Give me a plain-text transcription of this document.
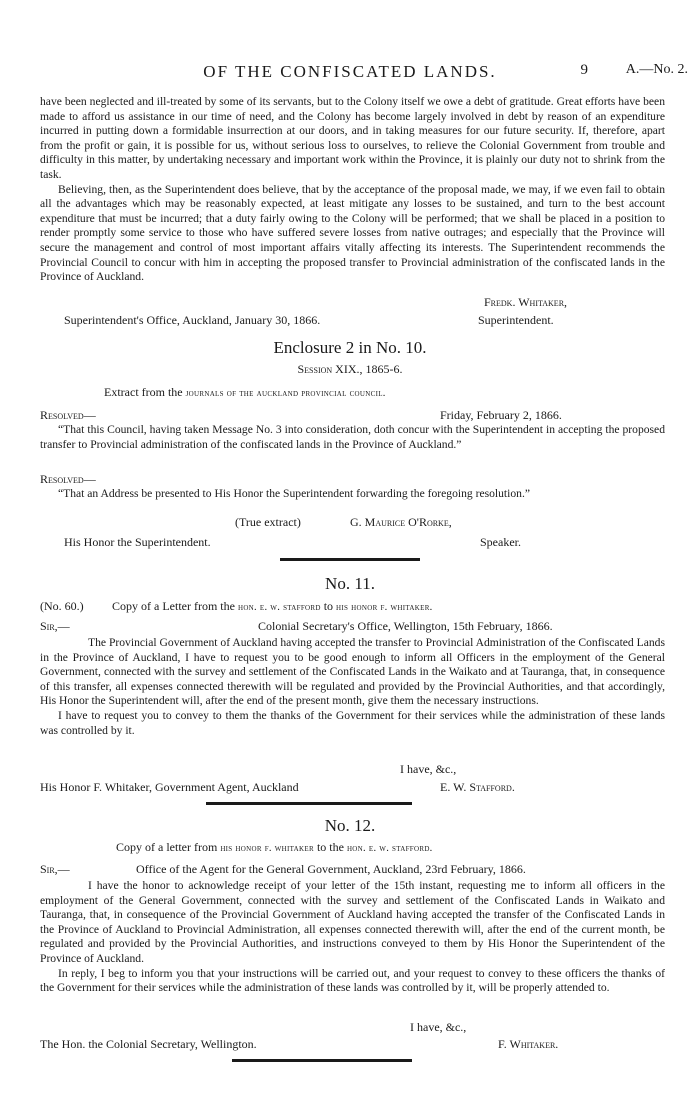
OF THE CONFISCATED LANDS.	9	A.—No. 2.

have been neglected and ill-treated by some of its servants, but to the Colony itself we owe a debt of gratitude. Great efforts have been made to afford us assistance in our time of need, and the Colony has become largely involved in debt by reason of an expenditure incurred in putting down a formidable insurrection at our doors, and in taking measures for our future security. If, therefore, apart from the profit or gain, it is possible for us, without serious loss to ourselves, to relieve the Colonial Government from trouble and difficulty in this matter, by undertaking necessary and important work within the Province, it is plainly our duty not to shrink from the task.

Believing, then, as the Superintendent does believe, that by the acceptance of the proposal made, we may, if we even fail to obtain all the advantages which may be reasonably expected, at least mitigate any losses to be sustained, and turn to the best account expenditure that must be incurred; that a duty fairly owing to the Colony will be performed; that we shall be placed in a position to render promptly some service to those who have suffered severe losses from native outrages; and especially that the Province will secure the management and control of most important affairs vitally affecting its interests. The Superintendent recommends the Provincial Council to concur with him in accepting the proposed transfer to Provincial administration of the confiscated lands in the Province of Auckland.

Fredk. Whitaker,
Superintendent's Office, Auckland, January 30, 1866.	Superintendent.
Enclosure 2 in No. 10.
Session XIX., 1865-6.
Extract from the journals of the auckland provincial council.
Resolved—	Friday, February 2, 1866.

“That this Council, having taken Message No. 3 into consideration, doth concur with the Superintendent in accepting the proposed transfer to Provincial administration of the confiscated lands in the Province of Auckland.”

Resolved—

“That an Address be presented to His Honor the Superintendent forwarding the foregoing resolution.”

(True extract)	G. Maurice O'Rorke,
His Honor the Superintendent.	Speaker.
No. 11.
(No. 60.) Copy of a Letter from the hon. e. w. stafford to his honor f. whitaker.
Sir,—	Colonial Secretary's Office, Wellington, 15th February, 1866.

The Provincial Government of Auckland having accepted the transfer to Provincial Administration of the Confiscated Lands in the Province of Auckland, I have to request you to be good enough to inform all Officers in the employment of the General Government, connected with the survey and settlement of the Confiscated Lands in the Waikato and at Tauranga, that, in consequence of this transfer, all expenses connected therewith will be regulated and provided by the Provincial Authorities, and that accordingly, His Honor the Superintendent will, after the end of the present month, give them the necessary instructions.

I have to request you to convey to them the thanks of the Government for their services while the administration of these lands was controlled by it.

I have, &c.,
His Honor F. Whitaker, Government Agent, Auckland	E. W. Stafford.
No. 12.
Copy of a letter from his honor f. whitaker to the hon. e. w. stafford.
Sir,—	Office of the Agent for the General Government, Auckland, 23rd February, 1866.

I have the honor to acknowledge receipt of your letter of the 15th instant, requesting me to inform all officers in the employment of the General Government, connected with the survey and settlement of the Confiscated Lands in Waikato and Tauranga, that, in consequence of the Provincial Government of Auckland having accepted the transfer of the Confiscated Lands in the Province of Auckland to Provincial Administration, all expenses connected therewith will, after the end of the current month, be regulated and provided by the Provincial Authorities, and instructions conveyed to them by His Honor the Superintendent of the Province of Auckland.

In reply, I beg to inform you that your instructions will be carried out, and your request to convey to these officers the thanks of the Government for their services while the administration of these lands was controlled by it, will be properly attended to.

I have, &c.,
The Hon. the Colonial Secretary, Wellington.	F. Whitaker.
